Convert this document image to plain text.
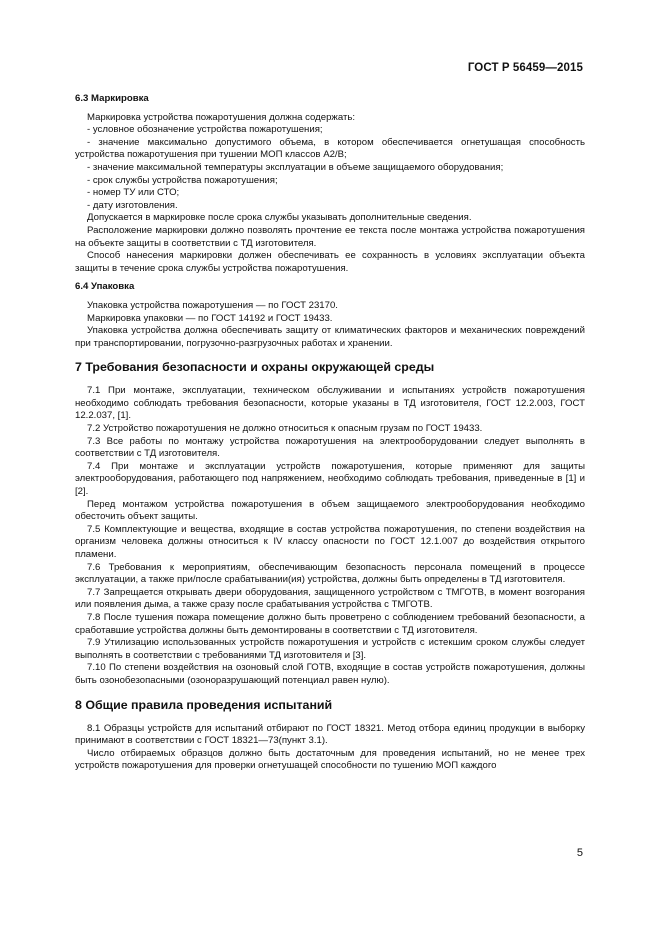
ГОСТ Р 56459—2015

6.3 Маркировка

Маркировка устройства пожаротушения должна содержать:

- условное обозначение устройства пожаротушения;

- значение максимально допустимого объема, в котором обеспечивается огнетушащая способность устройства пожаротушения при тушении МОП классов А2/В;

- значение максимальной температуры эксплуатации в объеме защищаемого оборудования;

- срок службы устройства пожаротушения;

- номер ТУ или СТО;

- дату изготовления.

Допускается в маркировке после срока службы указывать дополнительные сведения.

Расположение маркировки должно позволять прочтение ее текста после монтажа устройства пожаротушения на объекте защиты в соответствии с ТД изготовителя.

Способ нанесения маркировки должен обеспечивать ее сохранность в условиях эксплуатации объекта защиты в течение срока службы устройства пожаротушения.

6.4 Упаковка

Упаковка устройства пожаротушения — по ГОСТ 23170.

Маркировка упаковки — по ГОСТ 14192 и ГОСТ 19433.

Упаковка устройства должна обеспечивать защиту от климатических факторов и механических повреждений при транспортировании, погрузочно-разгрузочных работах и хранении.

7 Требования безопасности и охраны окружающей среды

7.1 При монтаже, эксплуатации, техническом обслуживании и испытаниях устройств пожаротушения необходимо соблюдать требования безопасности, которые указаны в ТД изготовителя, ГОСТ 12.2.003, ГОСТ 12.2.037, [1].

7.2 Устройство пожаротушения не должно относиться к опасным грузам по ГОСТ 19433.

7.3 Все работы по монтажу устройства пожаротушения на электрооборудовании следует выполнять в соответствии с ТД изготовителя.

7.4 При монтаже и эксплуатации устройств пожаротушения, которые применяют для защиты электрооборудования, работающего под напряжением, необходимо соблюдать требования, приведенные в [1] и [2].

Перед монтажом устройства пожаротушения в объем защищаемого электрооборудования необходимо обесточить объект защиты.

7.5 Комплектующие и вещества, входящие в состав устройства пожаротушения, по степени воздействия на организм человека должны относиться к IV классу опасности по ГОСТ 12.1.007 до воздействия открытого пламени.

7.6 Требования к мероприятиям, обеспечивающим безопасность персонала помещений в процессе эксплуатации, а также при/после срабатывании(ия) устройства, должны быть определены в ТД изготовителя.

7.7 Запрещается открывать двери оборудования, защищенного устройством с ТМГОТВ, в момент возгорания или появления дыма, а также сразу после срабатывания устройства с ТМГОТВ.

7.8 После тушения пожара помещение должно быть проветрено с соблюдением требований безопасности, а сработавшие устройства должны быть демонтированы в соответствии с ТД изготовителя.

7.9 Утилизацию использованных устройств пожаротушения и устройств с истекшим сроком службы следует выполнять в соответствии с требованиями ТД изготовителя и [3].

7.10 По степени воздействия на озоновый слой ГОТВ, входящие в состав устройств пожаротушения, должны быть озонобезопасными (озоноразрушающий потенциал равен нулю).

8 Общие правила проведения испытаний

8.1 Образцы устройств для испытаний отбирают по ГОСТ 18321. Метод отбора единиц продукции в выборку принимают в соответствии с ГОСТ 18321—73(пункт 3.1).

Число отбираемых образцов должно быть достаточным для проведения испытаний, но не менее трех устройств пожаротушения для проверки огнетушащей способности по тушению МОП каждого

5
